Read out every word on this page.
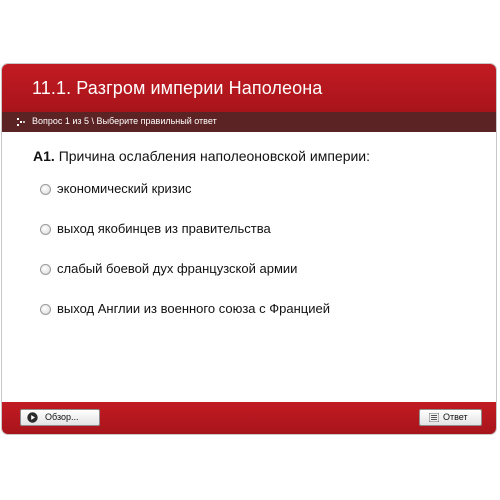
11.1. Разгром империи Наполеона
Вопрос 1 из 5 \ Выберите правильный ответ
A1. Причина ослабления наполеоновской империи:
экономический кризис
выход якобинцев из правительства
слабый боевой дух французской армии
выход Англии из военного союза с Францией
Обзор...	Ответ
